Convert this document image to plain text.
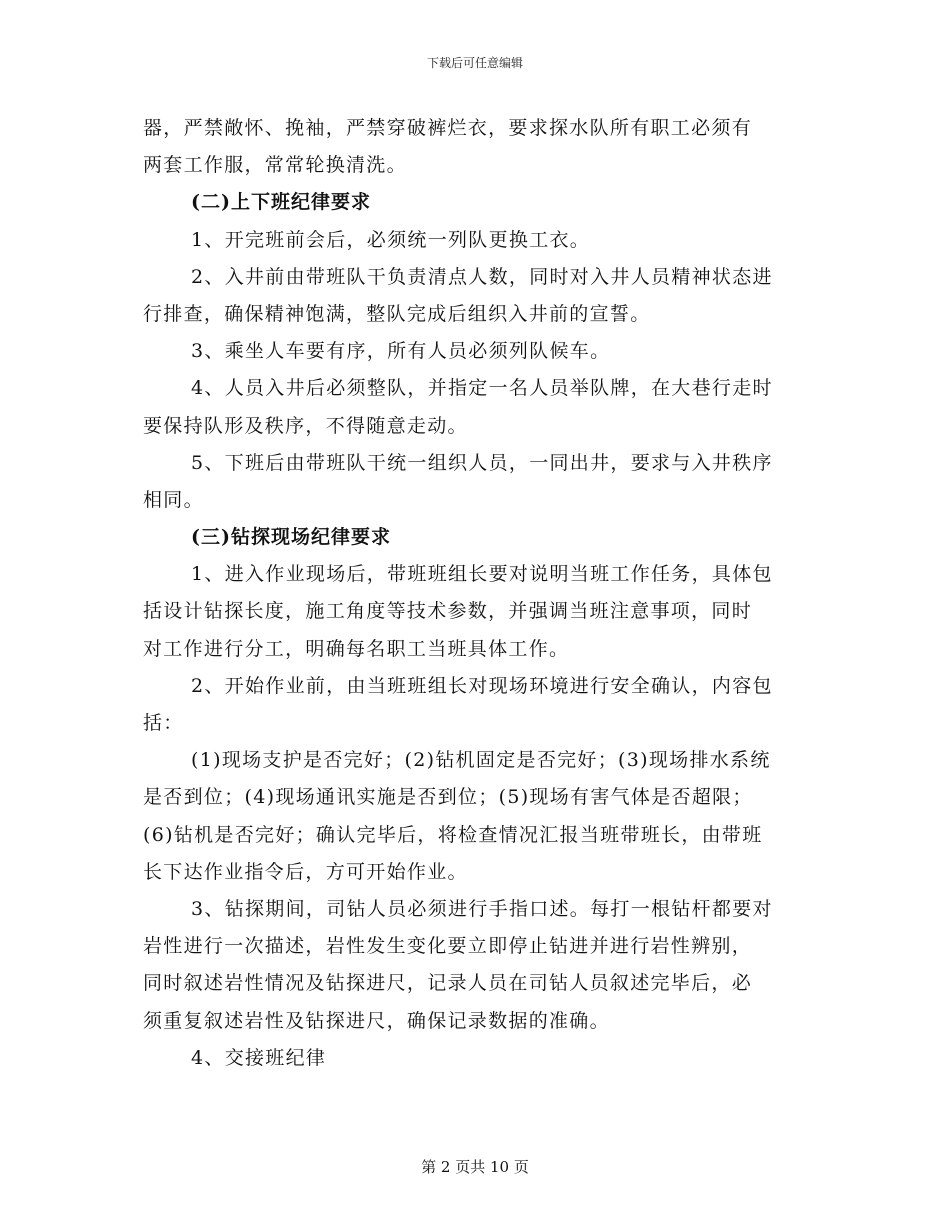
下载后可任意编辑
器，严禁敞怀、挽袖，严禁穿破裤烂衣，要求探水队所有职工必须有
两套工作服，常常轮换清洗。
(二)上下班纪律要求
1、开完班前会后，必须统一列队更换工衣。
2、入井前由带班队干负责清点人数，同时对入井人员精神状态进
行排查，确保精神饱满，整队完成后组织入井前的宣誓。
3、乘坐人车要有序，所有人员必须列队候车。
4、人员入井后必须整队，并指定一名人员举队牌，在大巷行走时
要保持队形及秩序，不得随意走动。
5、下班后由带班队干统一组织人员，一同出井，要求与入井秩序
相同。
(三)钻探现场纪律要求
1、进入作业现场后，带班班组长要对说明当班工作任务，具体包
括设计钻探长度，施工角度等技术参数，并强调当班注意事项，同时
对工作进行分工，明确每名职工当班具体工作。
2、开始作业前，由当班班组长对现场环境进行安全确认，内容包
括：
(1)现场支护是否完好；(2)钻机固定是否完好；(3)现场排水系统
是否到位；(4)现场通讯实施是否到位；(5)现场有害气体是否超限；
(6)钻机是否完好；确认完毕后，将检查情况汇报当班带班长，由带班
长下达作业指令后，方可开始作业。
3、钻探期间，司钻人员必须进行手指口述。每打一根钻杆都要对
岩性进行一次描述，岩性发生变化要立即停止钻进并进行岩性辨别，
同时叙述岩性情况及钻探进尺，记录人员在司钻人员叙述完毕后，必
须重复叙述岩性及钻探进尺，确保记录数据的准确。
4、交接班纪律
第 2 页共 10 页
